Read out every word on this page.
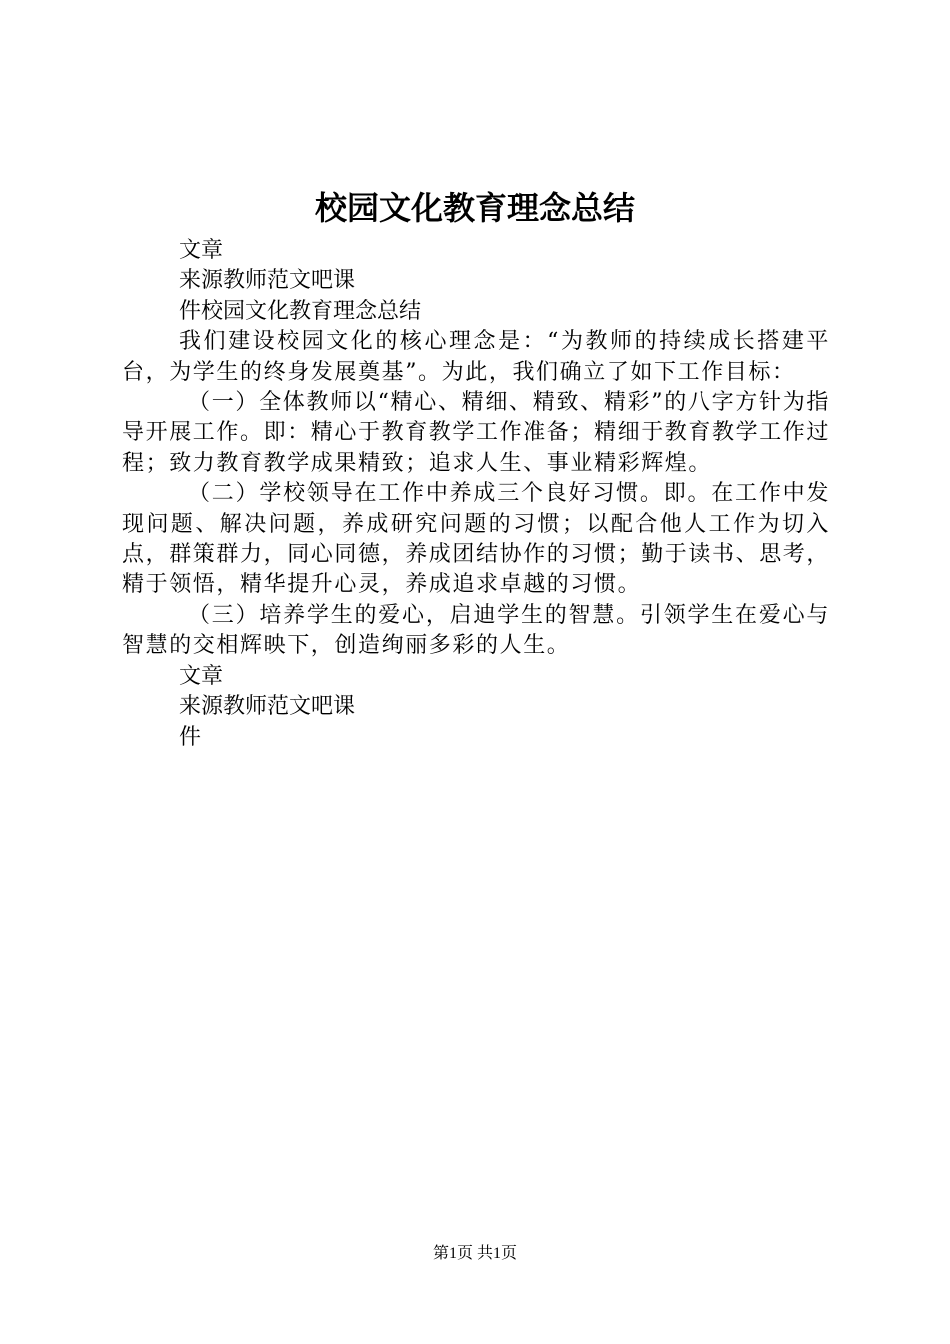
校园文化教育理念总结

文章

来源教师范文吧课

件校园文化教育理念总结

我们建设校园文化的核心理念是：“为教师的持续成长搭建平台，为学生的终身发展奠基”。为此，我们确立了如下工作目标：

（一）全体教师以“精心、精细、精致、精彩”的八字方针为指导开展工作。即：精心于教育教学工作准备；精细于教育教学工作过程；致力教育教学成果精致；追求人生、事业精彩辉煌。

（二）学校领导在工作中养成三个良好习惯。即。在工作中发现问题、解决问题，养成研究问题的习惯；以配合他人工作为切入点，群策群力，同心同德，养成团结协作的习惯；勤于读书、思考，精于领悟，精华提升心灵，养成追求卓越的习惯。

（三）培养学生的爱心，启迪学生的智慧。引领学生在爱心与智慧的交相辉映下，创造绚丽多彩的人生。

文章

来源教师范文吧课

件

第1页 共1页
